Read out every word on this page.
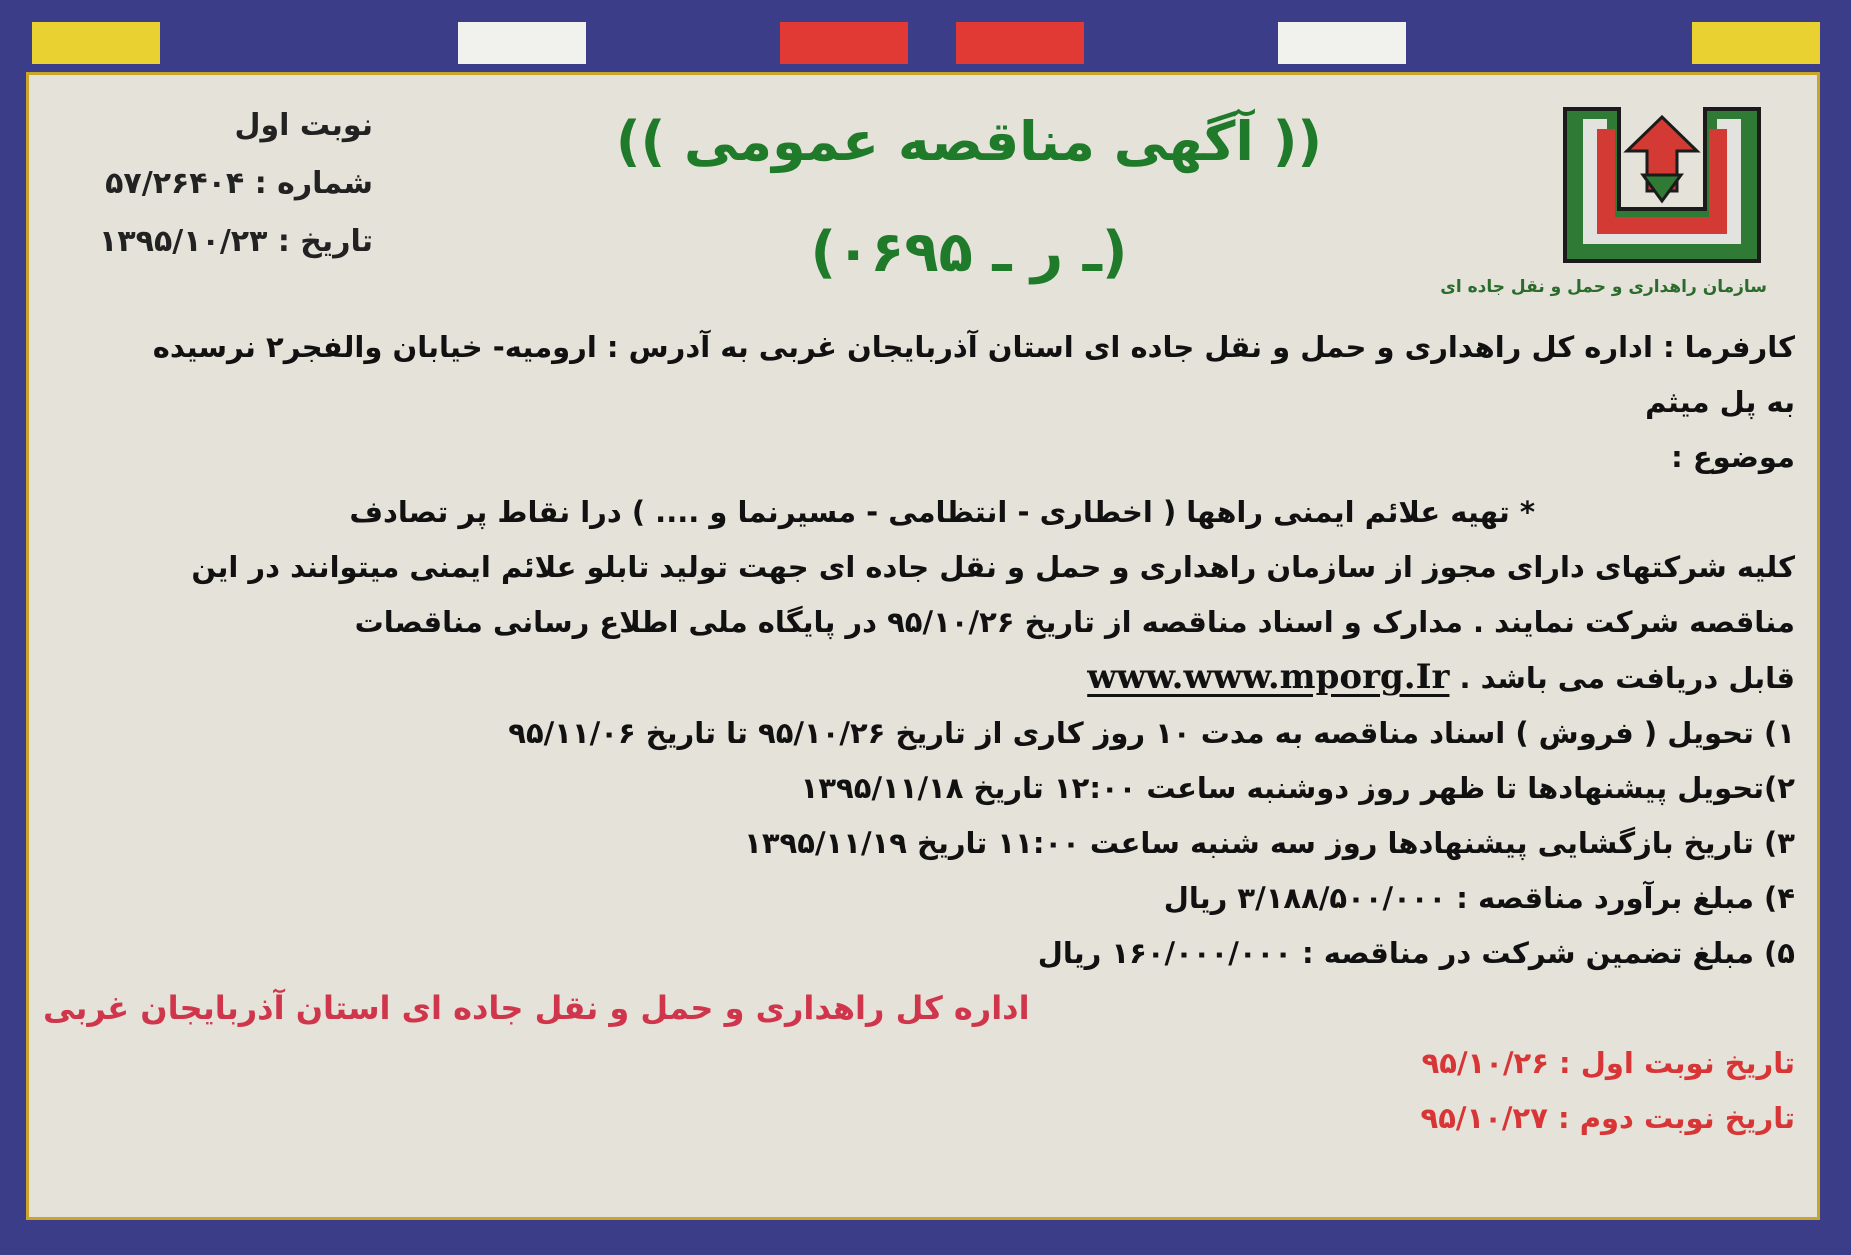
سازمان راهداری و حمل و نقل جاده ای
نوبت اول
شماره : ۵۷/۲۶۴۰۴
تاریخ : ۱۳۹۵/۱۰/۲۳
(( آگهی مناقصه عمومی ))
(۰۶ـ ر ـ ۹۵)
کارفرما : اداره کل راهداری و حمل و نقل جاده ای استان آذربایجان غربی به آدرس : ارومیه- خیابان والفجر۲ نرسیده
به پل میثم
موضوع :
* تهیه علائم ایمنی راهها ( اخطاری - انتظامی - مسیرنما و .... ) درا نقاط پر تصادف
کلیه شرکتهای دارای مجوز از سازمان راهداری و حمل و نقل جاده ای جهت تولید تابلو علائم ایمنی میتوانند در این
مناقصه شرکت نمایند . مدارک و اسناد مناقصه از تاریخ ۹۵/۱۰/۲۶ در پایگاه ملی اطلاع رسانی مناقصات
قابل دریافت می باشد . www.www.mporg.Ir
۱) تحویل ( فروش ) اسناد مناقصه به مدت ۱۰ روز کاری از تاریخ ۹۵/۱۰/۲۶ تا تاریخ ۹۵/۱۱/۰۶
۲)تحویل پیشنهادها تا ظهر روز دوشنبه ساعت ۱۲:۰۰ تاریخ ۱۳۹۵/۱۱/۱۸
۳) تاریخ بازگشایی پیشنهادها روز سه شنبه ساعت ۱۱:۰۰ تاریخ ۱۳۹۵/۱۱/۱۹
۴) مبلغ برآورد مناقصه : ۳/۱۸۸/۵۰۰/۰۰۰ ریال
۵) مبلغ تضمین شرکت در مناقصه : ۱۶۰/۰۰۰/۰۰۰ ریال
اداره کل راهداری و حمل و نقل جاده ای استان آذربایجان غربی
تاریخ نوبت اول : ۹۵/۱۰/۲۶
تاریخ نوبت دوم : ۹۵/۱۰/۲۷
